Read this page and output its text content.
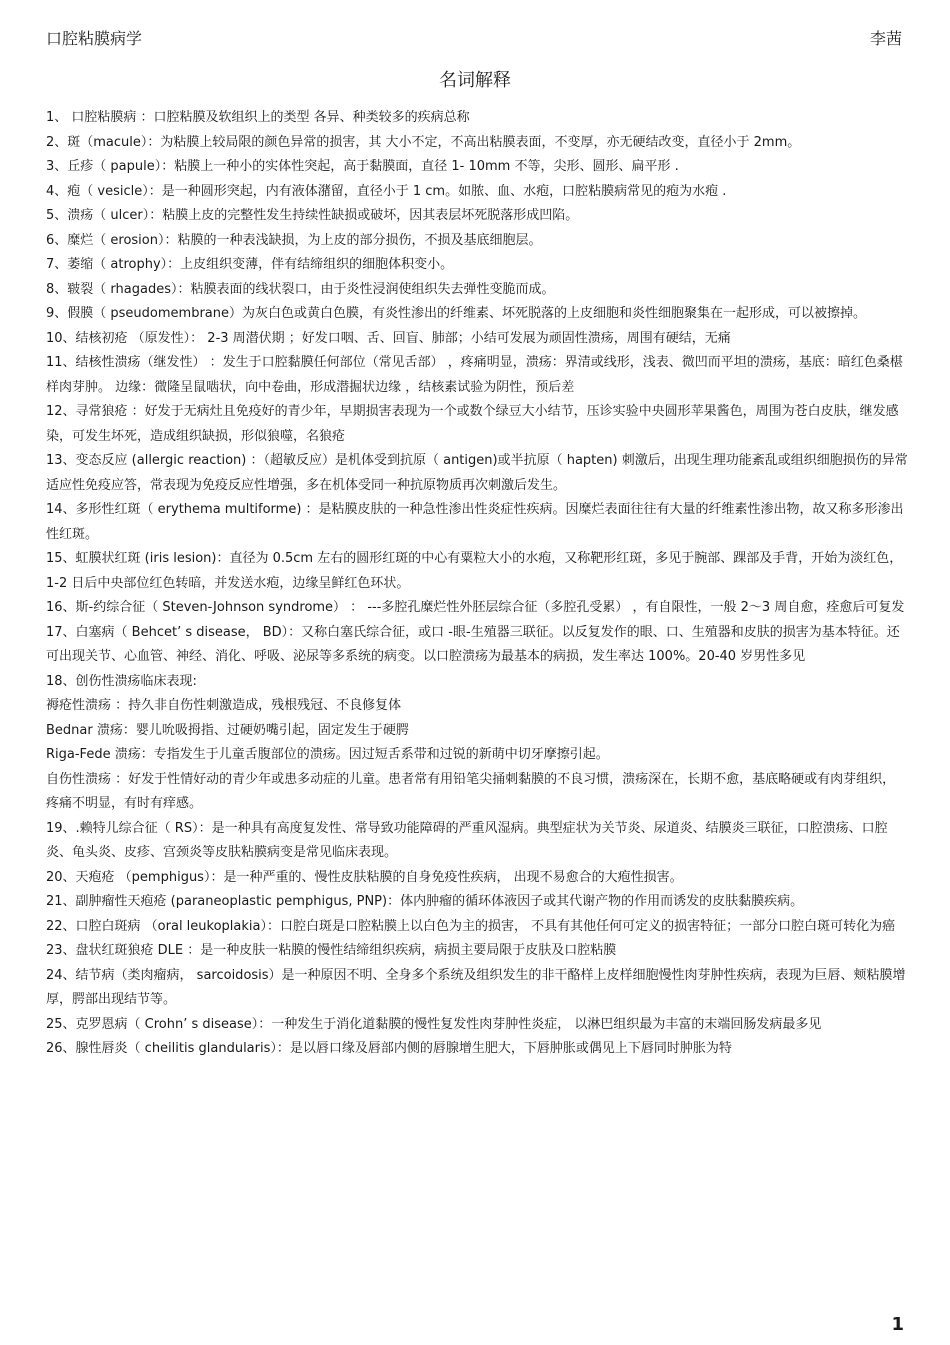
口腔粘膜病学	李茜
名词解释

1、 口腔粘膜病 ：口腔粘膜及软组织上的类型 各异、种类较多的疾病总称

2、斑（macule）：为粘膜上较局限的颜色异常的损害，其 大小不定，不高出粘膜表面，不变厚，亦无硬结改变，直径小于 2mm。

3、丘疹（ papule）：粘膜上一种小的实体性突起，高于黏膜面，直径 1- 10mm 不等，尖形、圆形、扁平形 .

4、疱（ vesicle）：是一种圆形突起，内有液体潴留，直径小于 1 cm。如脓、血、水疱，口腔粘膜病常见的疱为水疱 .

5、溃疡（ ulcer）：粘膜上皮的完整性发生持续性缺损或破坏，因其表层坏死脱落形成凹陷。

6、糜烂（ erosion）：粘膜的一种表浅缺损，为上皮的部分损伤，不损及基底细胞层。

7、萎缩（ atrophy）：上皮组织变薄，伴有结缔组织的细胞体积变小。

8、皲裂（ rhagades）：粘膜表面的线状裂口，由于炎性浸润使组织失去弹性变脆而成。

9、假膜（ pseudomembrane）为灰白色或黄白色膜，有炎性渗出的纤维素、坏死脱落的上皮细胞和炎性细胞聚集在一起形成，可以被擦掉。

10、结核初疮 （原发性）： 2-3 周潜伏期 ；好发口咽、舌、回盲、肺部；小结可发展为顽固性溃疡，周围有硬结，无痛

11、结核性溃疡（继发性） ：发生于口腔黏膜任何部位（常见舌部） ，疼痛明显，溃疡：界清或线形，浅表、微凹而平坦的溃疡，基底：暗红色桑椹样肉芽肿。 边缘：微隆呈鼠啮状，向中卷曲，形成潜掘状边缘 ，结核素试验为阴性，预后差

12、寻常狼疮 ：好发于无病灶且免疫好的青少年，早期损害表现为一个或数个绿豆大小结节，压诊实验中央圆形苹果酱色，周围为苍白皮肤，继发感染，可发生坏死，造成组织缺损，形似狼噬，名狼疮

13、变态反应 (allergic reaction) ：（超敏反应）是机体受到抗原（ antigen)或半抗原（ hapten) 刺激后，出现生理功能紊乱或组织细胞损伤的异常适应性免疫应答，常表现为免疫反应性增强，多在机体受同一种抗原物质再次刺激后发生。

14、多形性红斑（ erythema multiforme) ：是粘膜皮肤的一种急性渗出性炎症性疾病。因糜烂表面往往有大量的纤维素性渗出物，故又称多形渗出性红斑。

15、虹膜状红斑 (iris lesion)：直径为 0.5cm 左右的圆形红斑的中心有粟粒大小的水疱，又称靶形红斑，多见于腕部、踝部及手背，开始为淡红色， 1-2 日后中央部位红色转暗，并发送水疱，边缘呈鲜红色环状。

16、斯-约综合征（ Steven-Johnson syndrome） ： ---多腔孔糜烂性外胚层综合征（多腔孔受累） ，有自限性，一般 2～3 周自愈，痊愈后可复发

17、白塞病（ Behcet’ s disease， BD）：又称白塞氏综合征，或口 -眼-生殖器三联征。以反复发作的眼、口、生殖器和皮肤的损害为基本特征。还可出现关节、心血管、神经、消化、呼吸、泌尿等多系统的病变。以口腔溃疡为最基本的病损，发生率达 100%。20-40 岁男性多见

18、创伤性溃疡临床表现:

褥疮性溃疡 ：持久非自伤性刺激造成，残根残冠、不良修复体

Bednar 溃疡：婴儿吮吸拇指、过硬奶嘴引起，固定发生于硬腭

Riga-Fede 溃疡：专指发生于儿童舌腹部位的溃疡。因过短舌系带和过锐的新萌中切牙摩擦引起。

自伤性溃疡 ：好发于性情好动的青少年或患多动症的儿童。患者常有用铅笔尖捅刺黏膜的不良习惯，溃疡深在，长期不愈，基底略硬或有肉芽组织，疼痛不明显，有时有痒感。

19、.赖特儿综合征（ RS）：是一种具有高度复发性、常导致功能障碍的严重风湿病。典型症状为关节炎、尿道炎、结膜炎三联征，口腔溃疡、口腔炎、龟头炎、皮疹、宫颈炎等皮肤粘膜病变是常见临床表现。

20、天疱疮 （pemphigus）：是一种严重的、慢性皮肤粘膜的自身免疫性疾病， 出现不易愈合的大疱性损害。

21、副肿瘤性天疱疮 (paraneoplastic pemphigus, PNP)：体内肿瘤的循环体液因子或其代谢产物的作用而诱发的皮肤黏膜疾病。

22、口腔白斑病 （oral leukoplakia）：口腔白斑是口腔粘膜上以白色为主的损害， 不具有其他任何可定义的损害特征；一部分口腔白斑可转化为癌

23、盘状红斑狼疮 DLE ：是一种皮肤一粘膜的慢性结缔组织疾病，病损主要局限于皮肤及口腔粘膜

24、结节病（类肉瘤病， sarcoidosis）是一种原因不明、全身多个系统及组织发生的非干酪样上皮样细胞慢性肉芽肿性疾病，表现为巨唇、颊粘膜增厚，腭部出现结节等。

25、克罗恩病（ Crohn’ s disease）：一种发生于消化道黏膜的慢性复发性肉芽肿性炎症， 以淋巴组织最为丰富的末端回肠发病最多见

26、腺性唇炎（ cheilitis glandularis）：是以唇口缘及唇部内侧的唇腺增生肥大，下唇肿胀或偶见上下唇同时肿胀为特

1
